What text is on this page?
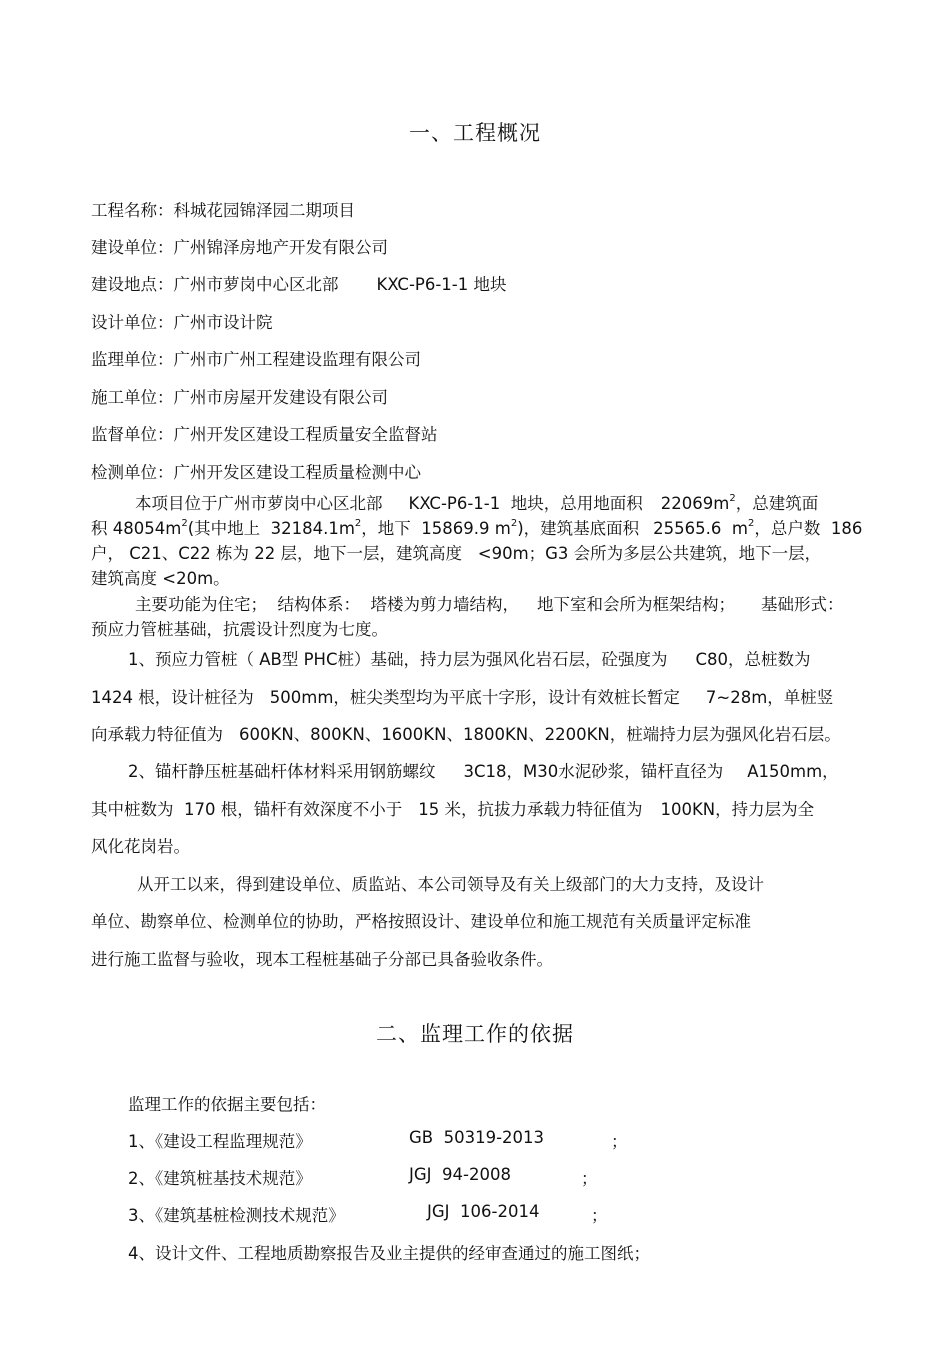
一、工程概况

工程名称：科城花园锦泽园二期项目

建设单位：广州锦泽房地产开发有限公司

建设地点：广州市萝岗中心区北部 KXC-P6-1-1 地块

设计单位：广州市设计院

监理单位：广州市广州工程建设监理有限公司

施工单位：广州市房屋开发建设有限公司

监督单位：广州开发区建设工程质量安全监督站

检测单位：广州开发区建设工程质量检测中心

本项目位于广州市萝岗中心区北部 KXC-P6-1-1  地块，总用地面积 $22069m^2$，总建筑面

积 $48054m^2$(其中地上  $32184.1m^2$，地下  15869.9 $m^2$)，建筑基底面积 25565.6  $m^2$，总户数  186

户， C21、C22 栋为 22 层，地下一层，建筑高度   <90m；G3 会所为多层公共建筑，地下一层，

建筑高度 <20m。

主要功能为住宅；  结构体系：  塔楼为剪力墙结构， 地下室和会所为框架结构； 基础形式：

预应力管桩基础，抗震设计烈度为七度。

1、预应力管桩（ AB型 PHC桩）基础，持力层为强风化岩石层，砼强度为 C80，总桩数为

1424 根，设计桩径为 500mm，桩尖类型均为平底十字形，设计有效桩长暂定 7~28m，单桩竖

向承载力特征值为 600KN、800KN、1600KN、1800KN、2200KN，桩端持力层为强风化岩石层。

2、锚杆静压桩基础杆体材料采用钢筋螺纹 3C18，M30水泥砂浆，锚杆直径为 A150mm，

其中桩数为  170 根，锚杆有效深度不小于 15 米，抗拔力承载力特征值为 100KN，持力层为全

风化花岗岩。

从开工以来，得到建设单位、质监站、本公司领导及有关上级部门的大力支持，及设计

单位、勘察单位、检测单位的协助，严格按照设计、建设单位和施工规范有关质量评定标准

进行施工监督与验收，现本工程桩基础子分部已具备验收条件。

二、监理工作的依据

监理工作的依据主要包括：

1、《建设工程监理规范》	GB  50319-2013	；

2、《建筑桩基技术规范》	JGJ  94-2008	；

3、《建筑基桩检测技术规范》	JGJ  106-2014	；

4、设计文件、工程地质勘察报告及业主提供的经审查通过的施工图纸；
